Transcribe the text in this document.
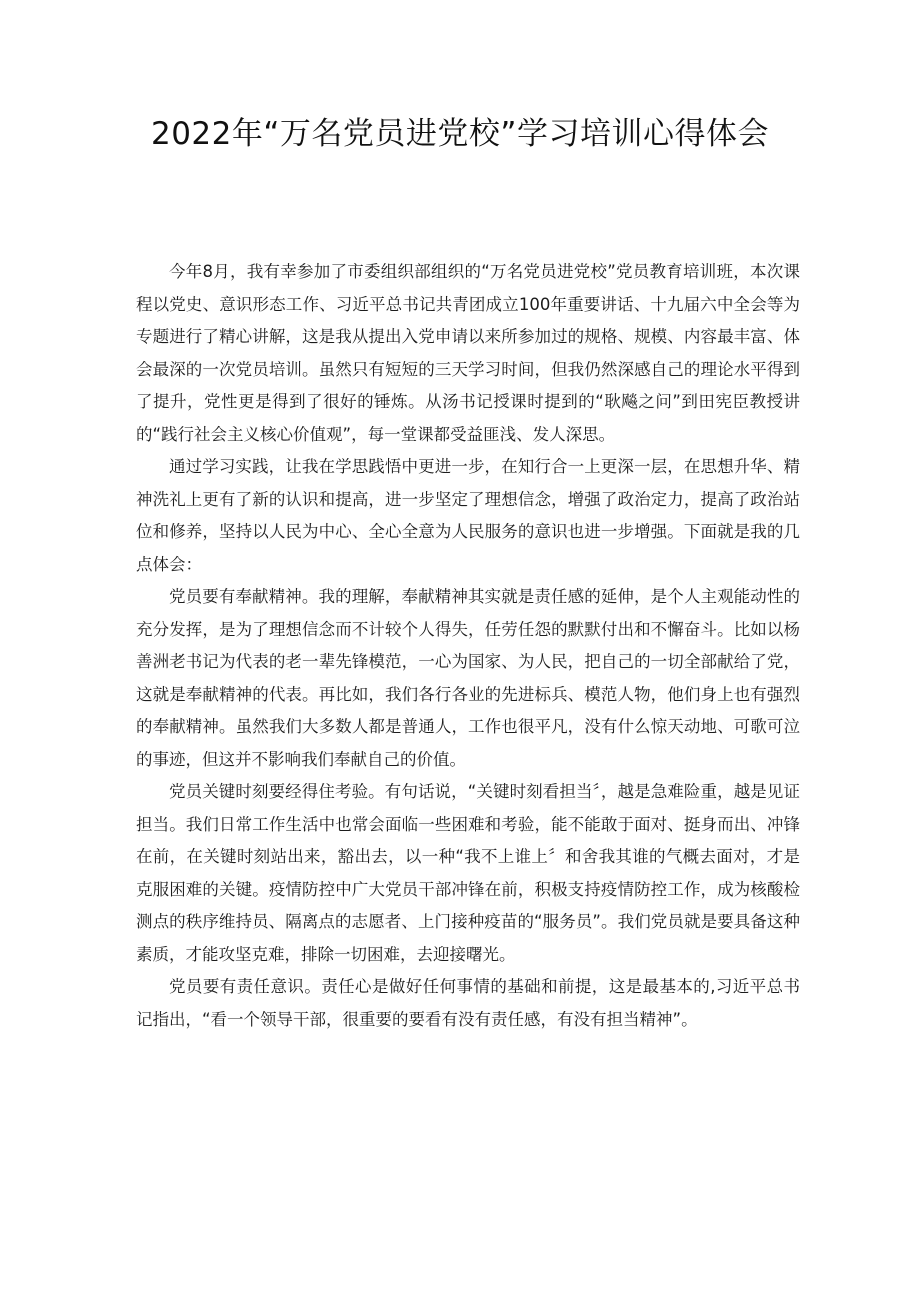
2022年“万名党员进党校”学习培训心得体会

今年8月，我有幸参加了市委组织部组织的“万名党员进党校”党员教育培训班，本次课程以党史、意识形态工作、习近平总书记共青团成立100年重要讲话、十九届六中全会等为专题进行了精心讲解，这是我从提出入党申请以来所参加过的规格、规模、内容最丰富、体会最深的一次党员培训。虽然只有短短的三天学习时间，但我仍然深感自己的理论水平得到了提升，党性更是得到了很好的锤炼。从汤书记授课时提到的“耿飚之问”到田宪臣教授讲的“践行社会主义核心价值观”，每一堂课都受益匪浅、发人深思。

通过学习实践，让我在学思践悟中更进一步，在知行合一上更深一层，在思想升华、精神洗礼上更有了新的认识和提高，进一步坚定了理想信念，增强了政治定力，提高了政治站位和修养，坚持以人民为中心、全心全意为人民服务的意识也进一步增强。下面就是我的几点体会：

党员要有奉献精神。我的理解，奉献精神其实就是责任感的延伸，是个人主观能动性的充分发挥，是为了理想信念而不计较个人得失，任劳任怨的默默付出和不懈奋斗。比如以杨善洲老书记为代表的老一辈先锋模范，一心为国家、为人民，把自己的一切全部献给了党，这就是奉献精神的代表。再比如，我们各行各业的先进标兵、模范人物，他们身上也有强烈的奉献精神。虽然我们大多数人都是普通人，工作也很平凡，没有什么惊天动地、可歌可泣的事迹，但这并不影响我们奉献自己的价值。

党员关键时刻要经得住考验。有句话说，“关键时刻看担当〞，越是急难险重，越是见证担当。我们日常工作生活中也常会面临一些困难和考验，能不能敢于面对、挺身而出、冲锋在前，在关键时刻站出来，豁出去，以一种“我不上谁上〞和舍我其谁的气概去面对，才是克服困难的关键。疫情防控中广大党员干部冲锋在前，积极支持疫情防控工作，成为核酸检测点的秩序维持员、隔离点的志愿者、上门接种疫苗的“服务员”。我们党员就是要具备这种素质，才能攻坚克难，排除一切困难，去迎接曙光。

党员要有责任意识。责任心是做好任何事情的基础和前提，这是最基本的,习近平总书记指出，“看一个领导干部，很重要的要看有没有责任感，有没有担当精神”。
